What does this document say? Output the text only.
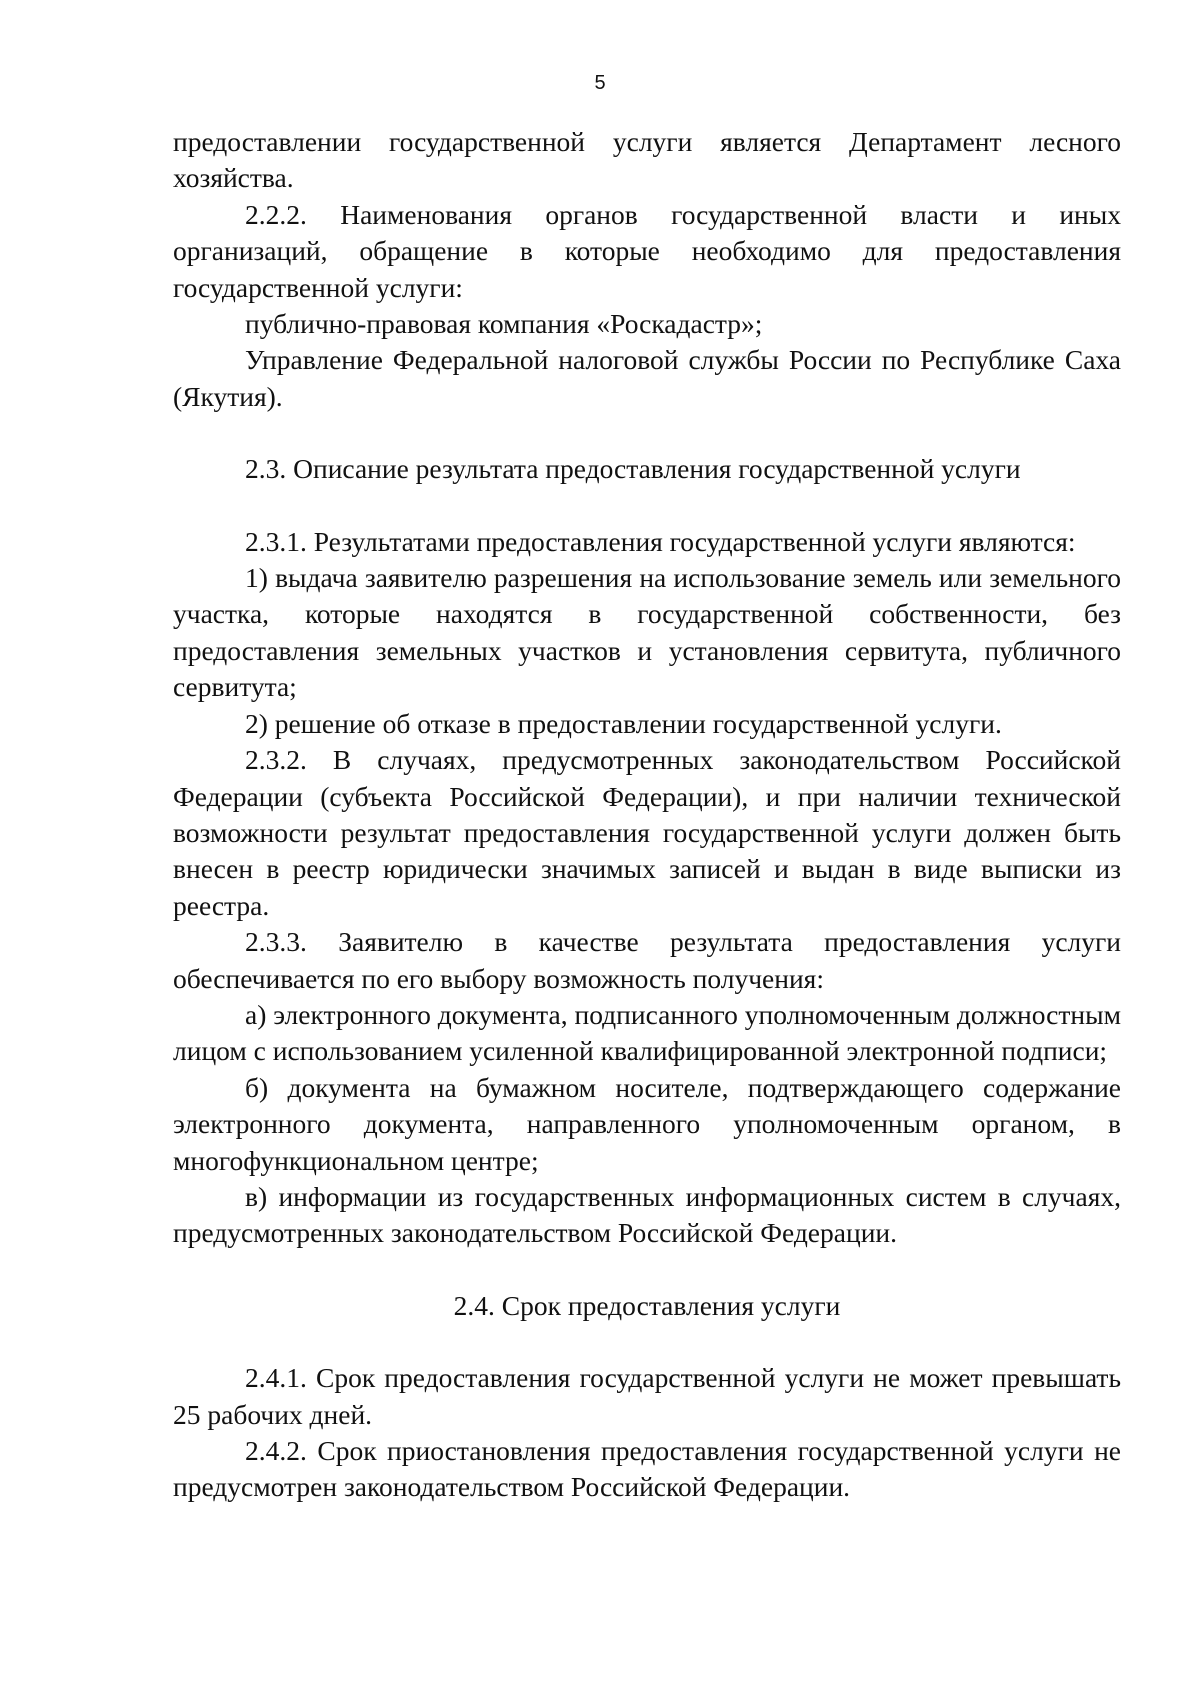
5

предоставлении государственной услуги является Департамент лесного хозяйства.

2.2.2. Наименования органов государственной власти и иных организаций, обращение в которые необходимо для предоставления государственной услуги:

публично-правовая компания «Роскадастр»;

Управление Федеральной налоговой службы России по Республике Саха (Якутия).

2.3. Описание результата предоставления государственной услуги

2.3.1. Результатами предоставления государственной услуги являются:

1) выдача заявителю разрешения на использование земель или земельного участка, которые находятся в государственной собственности, без предоставления земельных участков и установления сервитута, публичного сервитута;

2) решение об отказе в предоставлении государственной услуги.

2.3.2. В случаях, предусмотренных законодательством Российской Федерации (субъекта Российской Федерации), и при наличии технической возможности результат предоставления государственной услуги должен быть внесен в реестр юридически значимых записей и выдан в виде выписки из реестра.

2.3.3. Заявителю в качестве результата предоставления услуги обеспечивается по его выбору возможность получения:

а) электронного документа, подписанного уполномоченным должностным лицом с использованием усиленной квалифицированной электронной подписи;

б) документа на бумажном носителе, подтверждающего содержание электронного документа, направленного уполномоченным органом, в многофункциональном центре;

в) информации из государственных информационных систем в случаях, предусмотренных законодательством Российской Федерации.

2.4. Срок предоставления услуги

2.4.1. Срок предоставления государственной услуги не может превышать 25 рабочих дней.

2.4.2. Срок приостановления предоставления государственной услуги не предусмотрен законодательством Российской Федерации.
